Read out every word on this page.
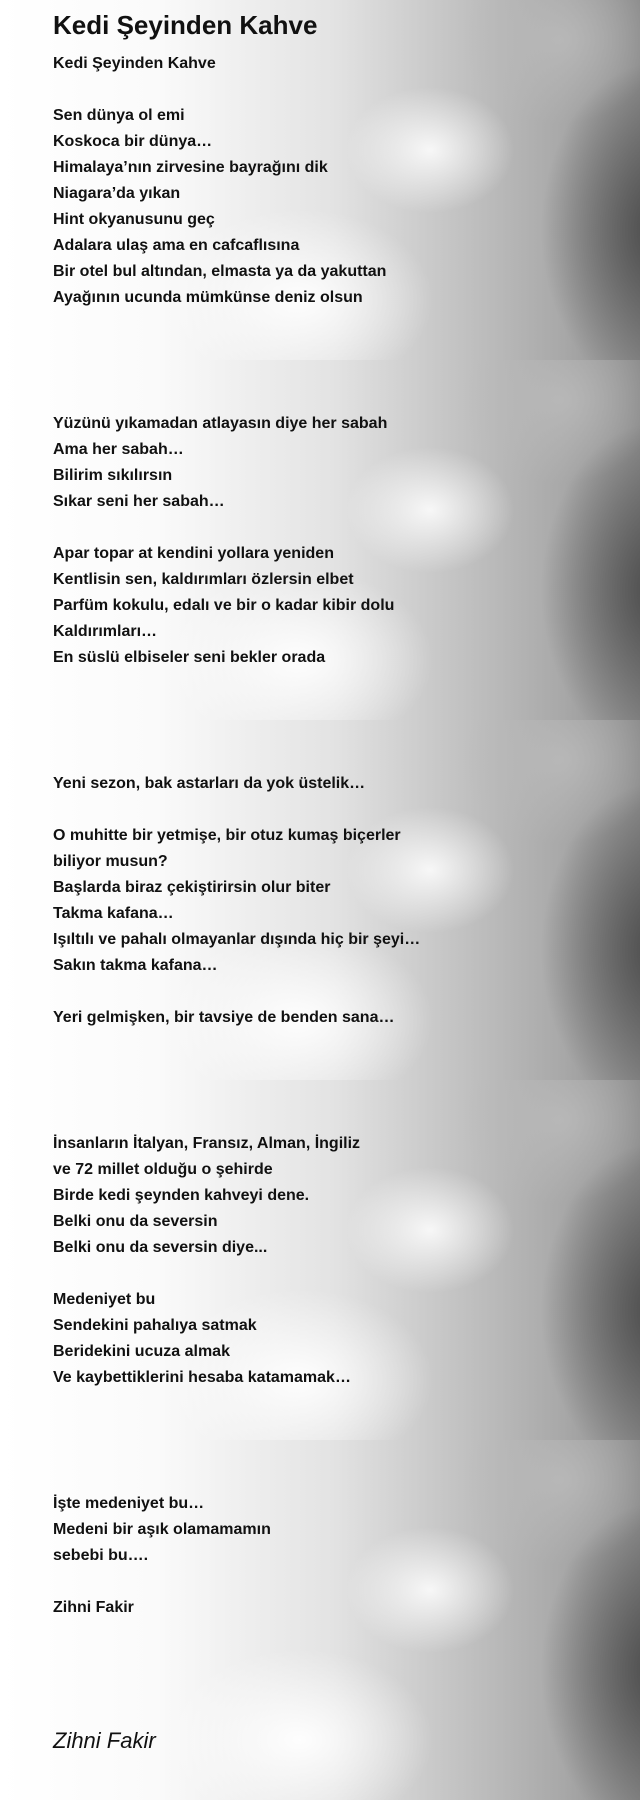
Kedi Şeyinden Kahve
Kedi Şeyinden Kahve
Sen dünya ol emi
Koskoca bir dünya…
Himalaya’nın zirvesine bayrağını dik
Niagara’da yıkan
Hint okyanusunu geç
Adalara ulaş ama en cafcaflısına
Bir otel bul altından, elmasta ya da yakuttan
Ayağının ucunda mümkünse deniz olsun
Yüzünü yıkamadan atlayasın diye her sabah
Ama her sabah…
Bilirim sıkılırsın
Sıkar seni her sabah…
Apar topar at kendini yollara yeniden
Kentlisin sen, kaldırımları özlersin elbet
Parfüm kokulu, edalı ve bir o kadar kibir dolu
Kaldırımları…
En süslü elbiseler seni bekler orada
Yeni sezon, bak astarları da yok üstelik…
O muhitte bir yetmişe, bir otuz kumaş biçerler
biliyor musun?
Başlarda biraz çekiştirirsin olur biter
Takma kafana…
Işıltılı ve pahalı olmayanlar dışında hiç bir şeyi…
Sakın takma kafana…
Yeri gelmişken, bir tavsiye de benden sana…
İnsanların İtalyan, Fransız, Alman, İngiliz
ve 72 millet olduğu o şehirde
Birde kedi şeynden kahveyi dene.
Belki onu da seversin
Belki onu da seversin diye...
Medeniyet bu
Sendekini pahalıya satmak
Beridekini ucuza almak
Ve kaybettiklerini hesaba katamamak…
İşte medeniyet bu…
Medeni bir aşık olamamamın
sebebi bu….
Zihni Fakir
Zihni Fakir
